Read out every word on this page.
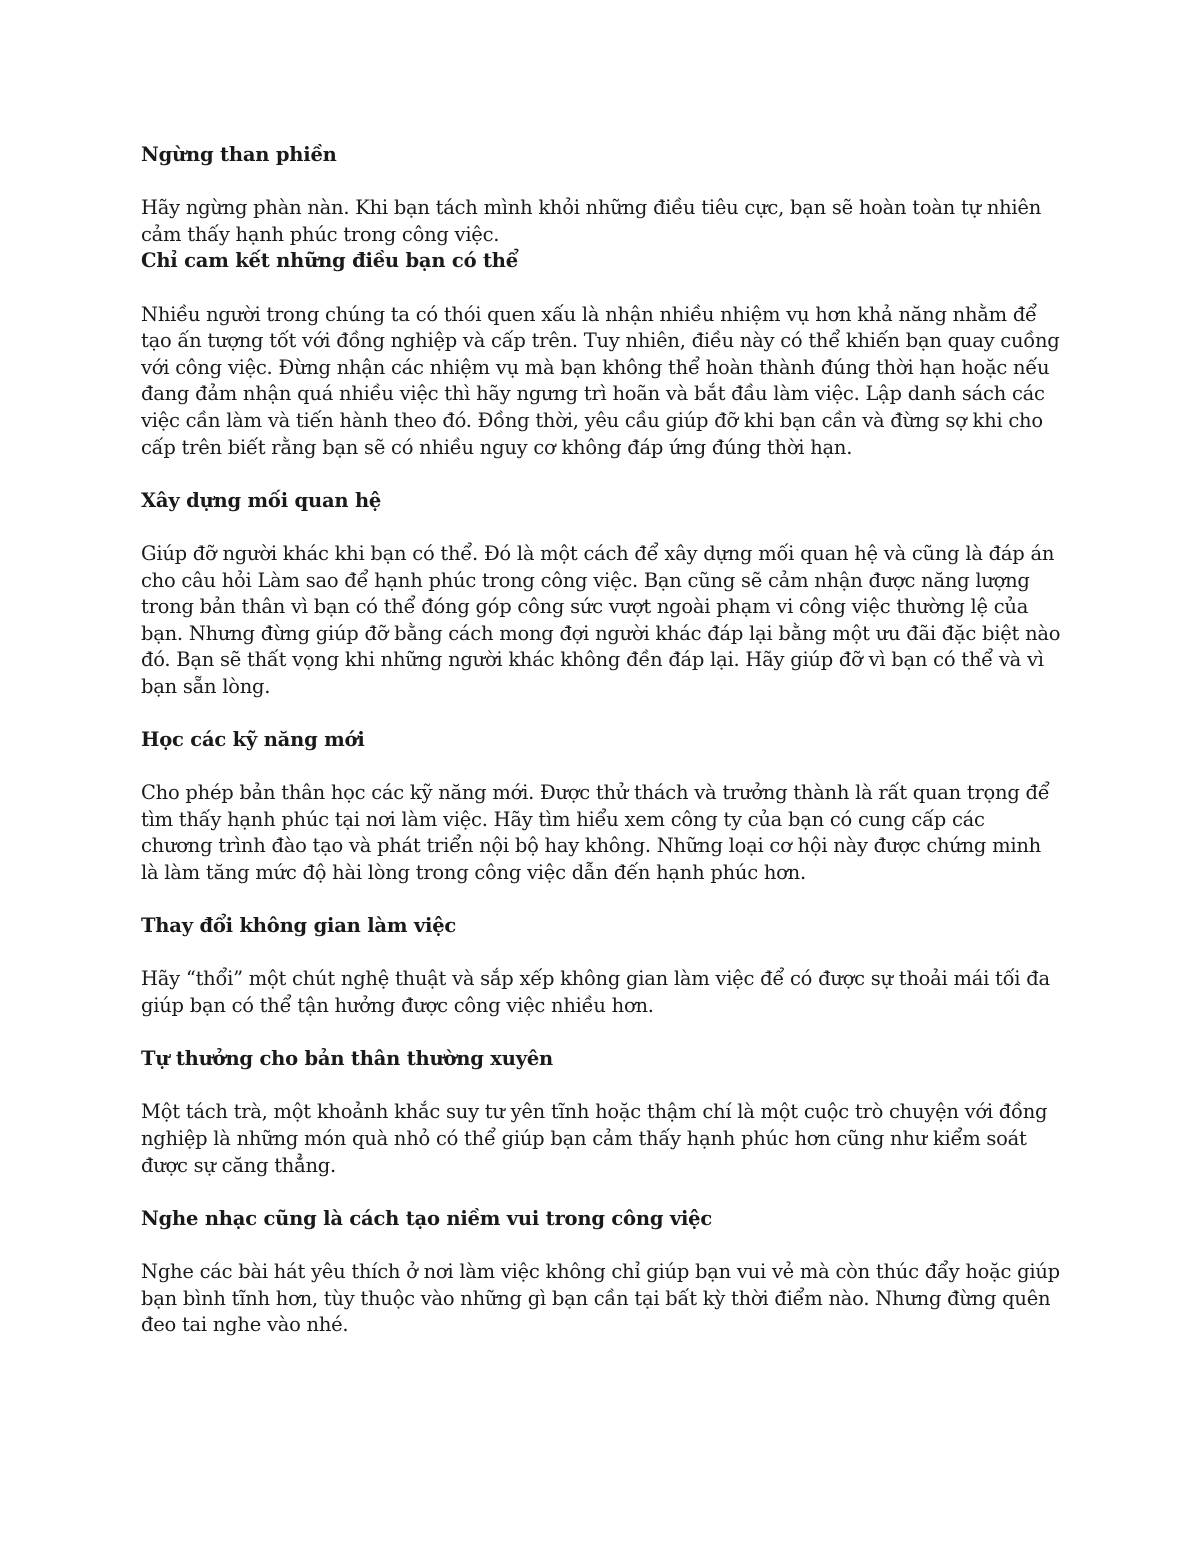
Ngừng than phiền

Hãy ngừng phàn nàn. Khi bạn tách mình khỏi những điều tiêu cực, bạn sẽ hoàn toàn tự nhiên cảm thấy hạnh phúc trong công việc.

Chỉ cam kết những điều bạn có thể

Nhiều người trong chúng ta có thói quen xấu là nhận nhiều nhiệm vụ hơn khả năng nhằm để tạo ấn tượng tốt với đồng nghiệp và cấp trên. Tuy nhiên, điều này có thể khiến bạn quay cuồng với công việc. Đừng nhận các nhiệm vụ mà bạn không thể hoàn thành đúng thời hạn hoặc nếu đang đảm nhận quá nhiều việc thì hãy ngưng trì hoãn và bắt đầu làm việc. Lập danh sách các việc cần làm và tiến hành theo đó. Đồng thời, yêu cầu giúp đỡ khi bạn cần và đừng sợ khi cho cấp trên biết rằng bạn sẽ có nhiều nguy cơ không đáp ứng đúng thời hạn.

Xây dựng mối quan hệ

Giúp đỡ người khác khi bạn có thể. Đó là một cách để xây dựng mối quan hệ và cũng là đáp án cho câu hỏi Làm sao để hạnh phúc trong công việc. Bạn cũng sẽ cảm nhận được năng lượng trong bản thân vì bạn có thể đóng góp công sức vượt ngoài phạm vi công việc thường lệ của bạn. Nhưng đừng giúp đỡ bằng cách mong đợi người khác đáp lại bằng một ưu đãi đặc biệt nào đó. Bạn sẽ thất vọng khi những người khác không đền đáp lại. Hãy giúp đỡ vì bạn có thể và vì bạn sẵn lòng.

Học các kỹ năng mới

Cho phép bản thân học các kỹ năng mới. Được thử thách và trưởng thành là rất quan trọng để tìm thấy hạnh phúc tại nơi làm việc. Hãy tìm hiểu xem công ty của bạn có cung cấp các chương trình đào tạo và phát triển nội bộ hay không. Những loại cơ hội này được chứng minh là làm tăng mức độ hài lòng trong công việc dẫn đến hạnh phúc hơn.

Thay đổi không gian làm việc

Hãy “thổi” một chút nghệ thuật và sắp xếp không gian làm việc để có được sự thoải mái tối đa giúp bạn có thể tận hưởng được công việc nhiều hơn.

Tự thưởng cho bản thân thường xuyên

Một tách trà, một khoảnh khắc suy tư yên tĩnh hoặc thậm chí là một cuộc trò chuyện với đồng nghiệp là những món quà nhỏ có thể giúp bạn cảm thấy hạnh phúc hơn cũng như kiểm soát được sự căng thẳng.

Nghe nhạc cũng là cách tạo niềm vui trong công việc

Nghe các bài hát yêu thích ở nơi làm việc không chỉ giúp bạn vui vẻ mà còn thúc đẩy hoặc giúp bạn bình tĩnh hơn, tùy thuộc vào những gì bạn cần tại bất kỳ thời điểm nào. Nhưng đừng quên đeo tai nghe vào nhé.
